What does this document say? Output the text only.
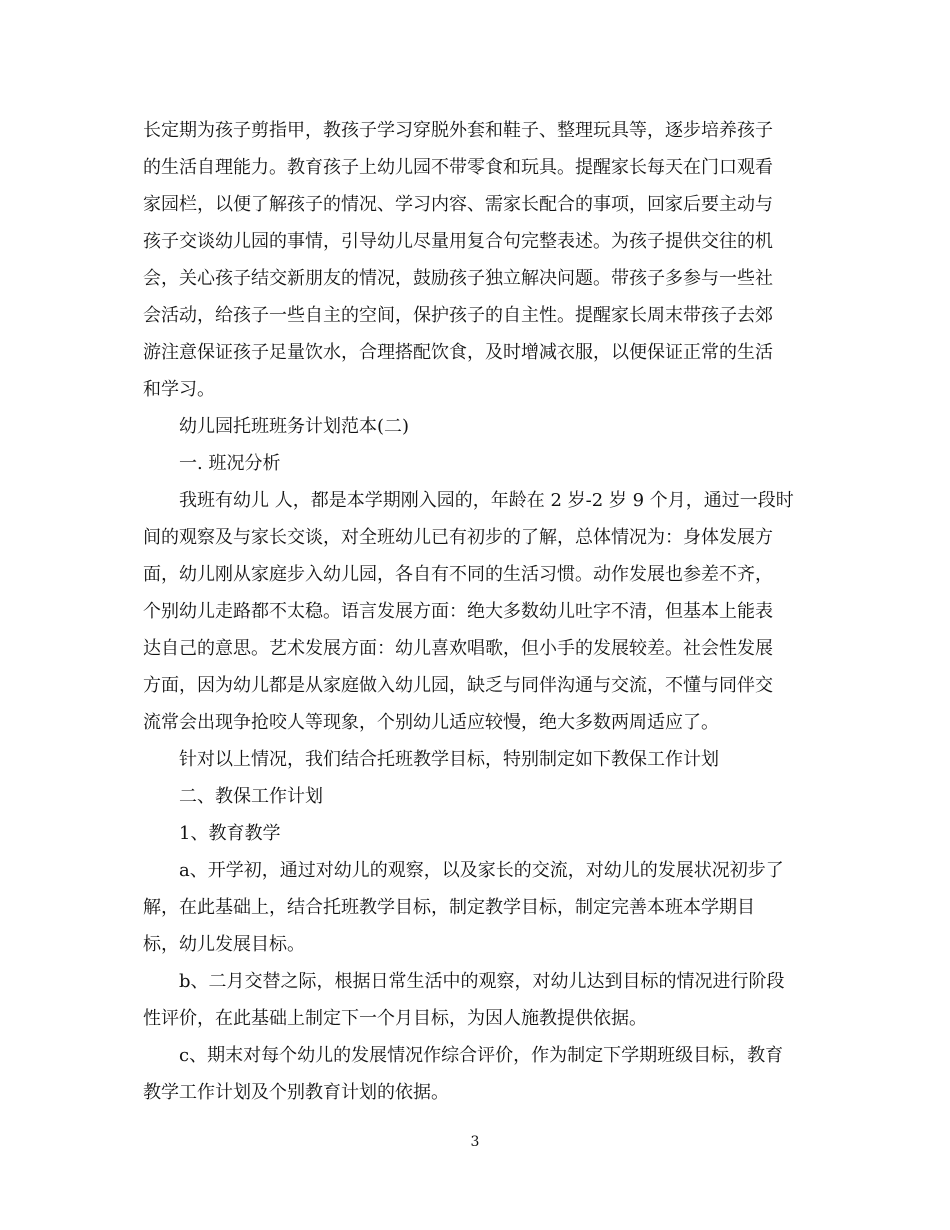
长定期为孩子剪指甲，教孩子学习穿脱外套和鞋子、整理玩具等，逐步培养孩子
的生活自理能力。教育孩子上幼儿园不带零食和玩具。提醒家长每天在门口观看
家园栏，以便了解孩子的情况、学习内容、需家长配合的事项，回家后要主动与
孩子交谈幼儿园的事情，引导幼儿尽量用复合句完整表述。为孩子提供交往的机
会，关心孩子结交新朋友的情况，鼓励孩子独立解决问题。带孩子多参与一些社
会活动，给孩子一些自主的空间，保护孩子的自主性。提醒家长周末带孩子去郊
游注意保证孩子足量饮水，合理搭配饮食，及时增减衣服，以便保证正常的生活
和学习。
幼儿园托班班务计划范本(二)
一. 班况分析
我班有幼儿 人，都是本学期刚入园的，年龄在 2 岁-2 岁 9 个月，通过一段时
间的观察及与家长交谈，对全班幼儿已有初步的了解，总体情况为：身体发展方
面，幼儿刚从家庭步入幼儿园，各自有不同的生活习惯。动作发展也参差不齐，
个别幼儿走路都不太稳。语言发展方面：绝大多数幼儿吐字不清，但基本上能表
达自己的意思。艺术发展方面：幼儿喜欢唱歌，但小手的发展较差。社会性发展
方面，因为幼儿都是从家庭做入幼儿园，缺乏与同伴沟通与交流，不懂与同伴交
流常会出现争抢咬人等现象，个别幼儿适应较慢，绝大多数两周适应了。
针对以上情况，我们结合托班教学目标，特别制定如下教保工作计划
二、教保工作计划
1、教育教学
a、开学初，通过对幼儿的观察，以及家长的交流，对幼儿的发展状况初步了
解，在此基础上，结合托班教学目标，制定教学目标，制定完善本班本学期目
标，幼儿发展目标。
b、二月交替之际，根据日常生活中的观察，对幼儿达到目标的情况进行阶段
性评价，在此基础上制定下一个月目标，为因人施教提供依据。
c、期末对每个幼儿的发展情况作综合评价，作为制定下学期班级目标，教育
教学工作计划及个别教育计划的依据。
3
